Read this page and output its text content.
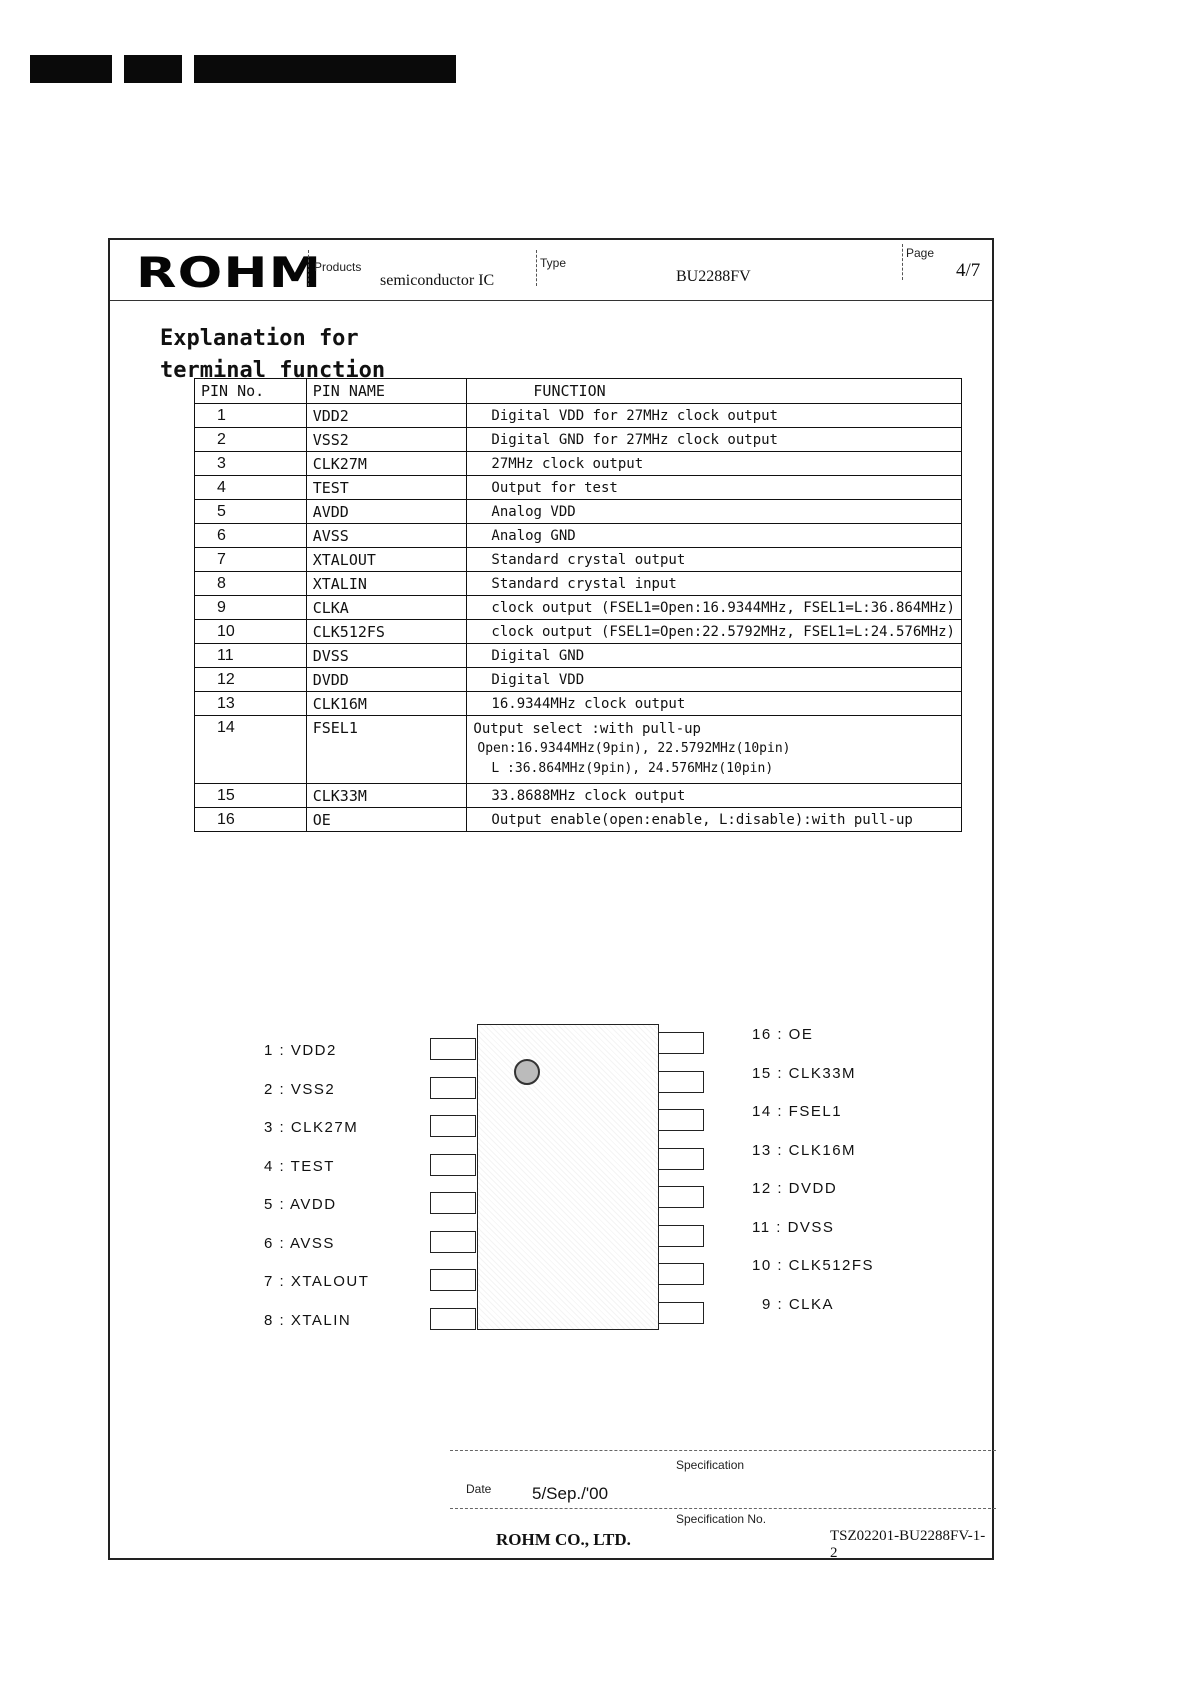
ROHM
Products
semiconductor IC
Type
BU2288FV
Page
4/7
Explanation for
terminal function
PIN No.	PIN NAME	FUNCTION
1	VDD2	Digital VDD for 27MHz clock output

2	VSS2	Digital GND for 27MHz clock output

3	CLK27M	27MHz clock output

4	TEST	Output for test

5	AVDD	Analog VDD

6	AVSS	Analog GND

7	XTALOUT	Standard crystal output

8	XTALIN	Standard crystal input

9	CLKA	clock output (FSEL1=Open:16.9344MHz, FSEL1=L:36.864MHz)

10	CLK512FS	clock output (FSEL1=Open:22.5792MHz, FSEL1=L:24.576MHz)

11	DVSS	Digital GND

12	DVDD	Digital VDD

13	CLK16M	16.9344MHz clock output

14	FSEL1	Output select :with pull-up
Open:16.9344MHz(9pin), 22.5792MHz(10pin)
L :36.864MHz(9pin), 24.576MHz(10pin)

15	CLK33M	33.8688MHz clock output

16	OE	Output enable(open:enable, L:disable):with pull-up
Specification
Date 5/Sep./'00
Specification No.
ROHM CO., LTD.	TSZ02201-BU2288FV-1-2
1 : VDD2
2 : VSS2
3 : CLK27M
4 : TEST
5 : AVDD
6 : AVSS
7 : XTALOUT
8 : XTALIN
16 : OE
15 : CLK33M
14 : FSEL1
13 : CLK16M
12 : DVDD
11 : DVSS
10 : CLK512FS
9 : CLKA
